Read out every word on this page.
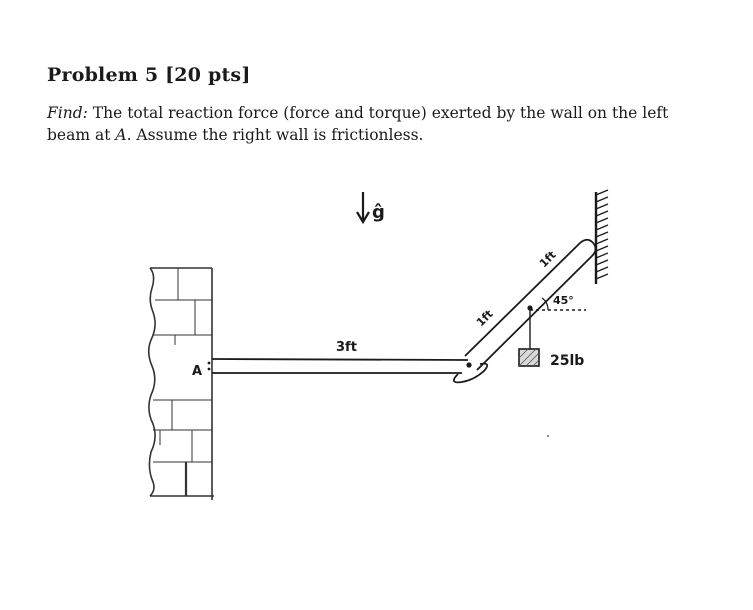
Problem 5 [20 pts]
Find: The total reaction force (force and torque) exerted by the wall on the left beam at A. Assume the right wall is frictionless.
ĝ
A
3ft
1ft
1ft
45°
25lb
